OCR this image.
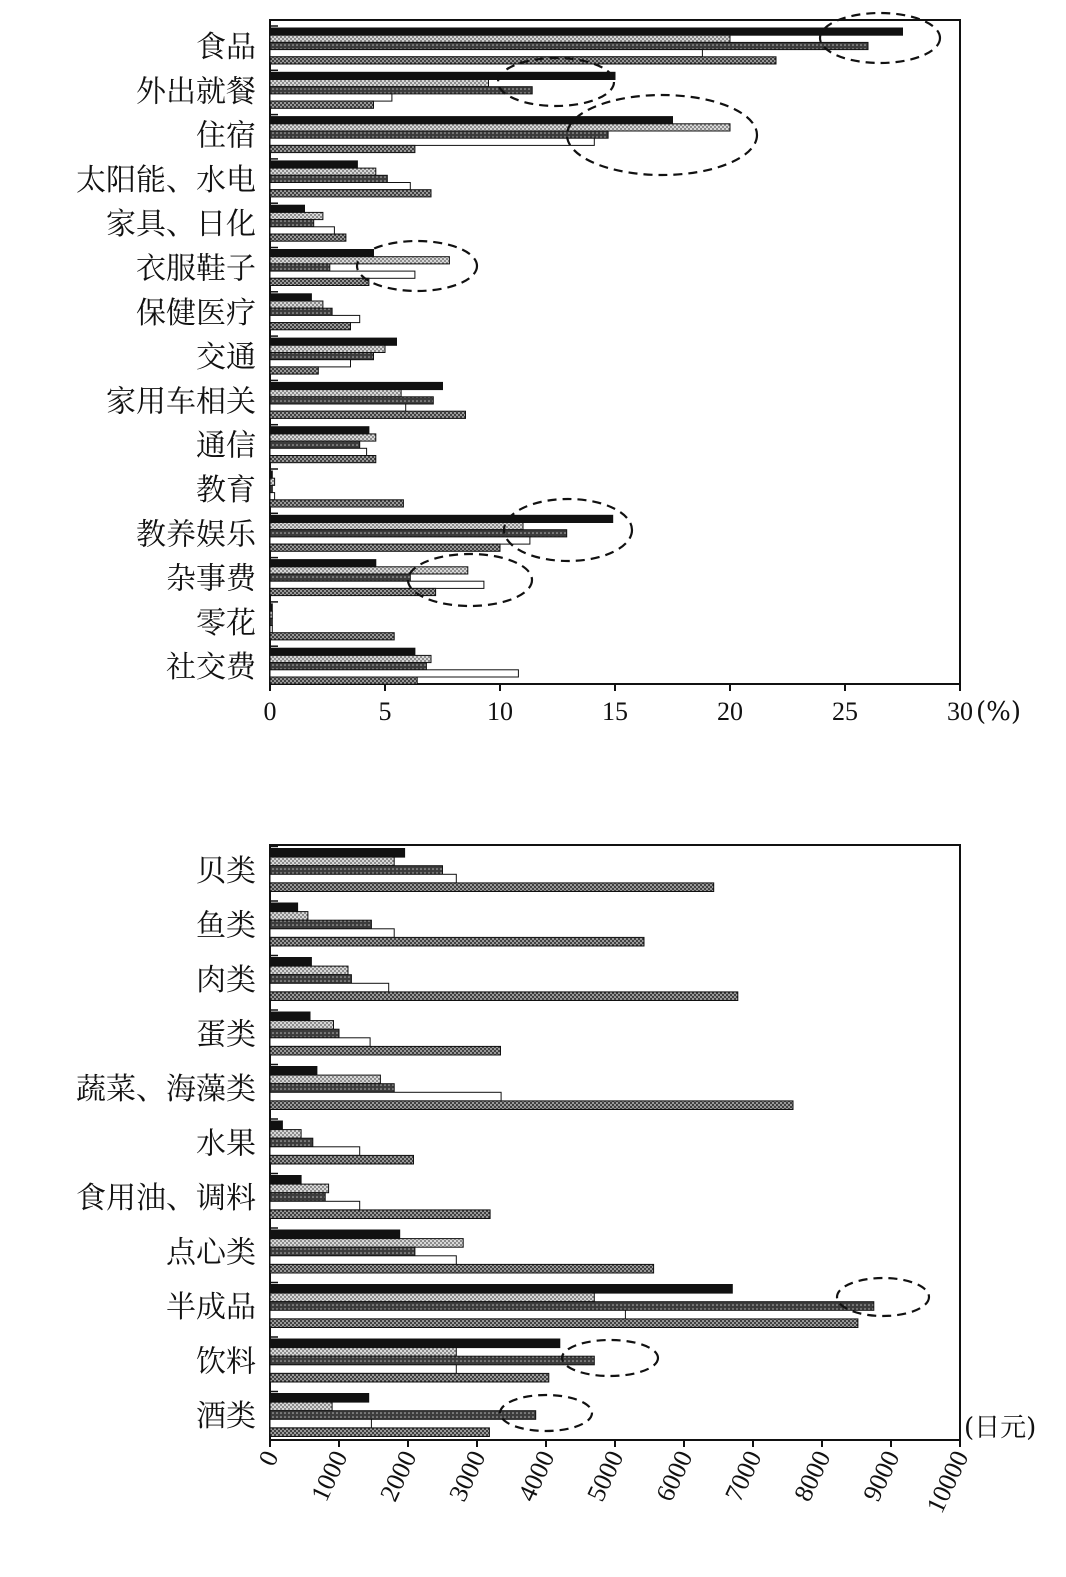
食品
外出就餐
住宿
太阳能、水电
家具、日化
衣服鞋子
保健医疗
交通
家用车相关
通信
教育
教养娱乐
杂事费
零花
社交费
0	5	10	15	20	25	30 (%)
贝类
鱼类
肉类
蛋类
蔬菜、海藻类
水果
食用油、调料
点心类
半成品
饮料
酒类
0 1000 2000 3000 4000 5000 6000 7000 8000 9000 10000
(日元)
